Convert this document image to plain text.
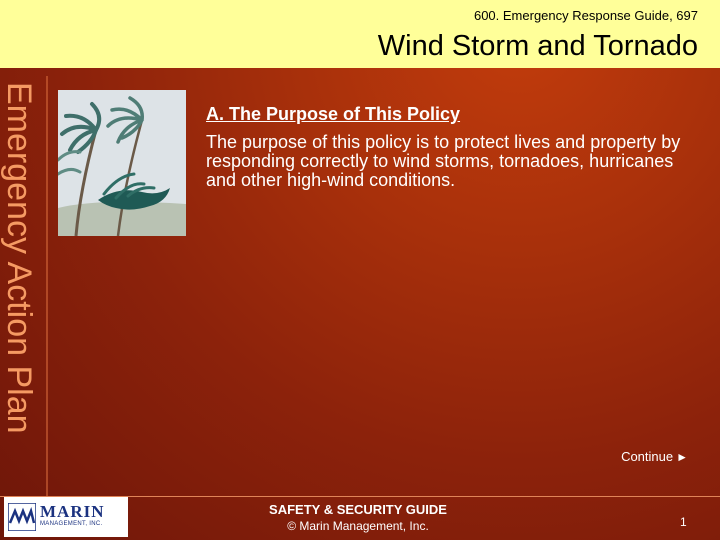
600. Emergency Response Guide, 697
Wind Storm and Tornado
Emergency Action Plan	A. The Purpose of This Policy
The purpose of this policy is to protect lives and property by responding correctly to wind storms, tornadoes, hurricanes and other high-wind conditions.
Continue ►
MARIN
MANAGEMENT, INC.
SAFETY & SECURITY GUIDE
© Marin Management, Inc.	1
